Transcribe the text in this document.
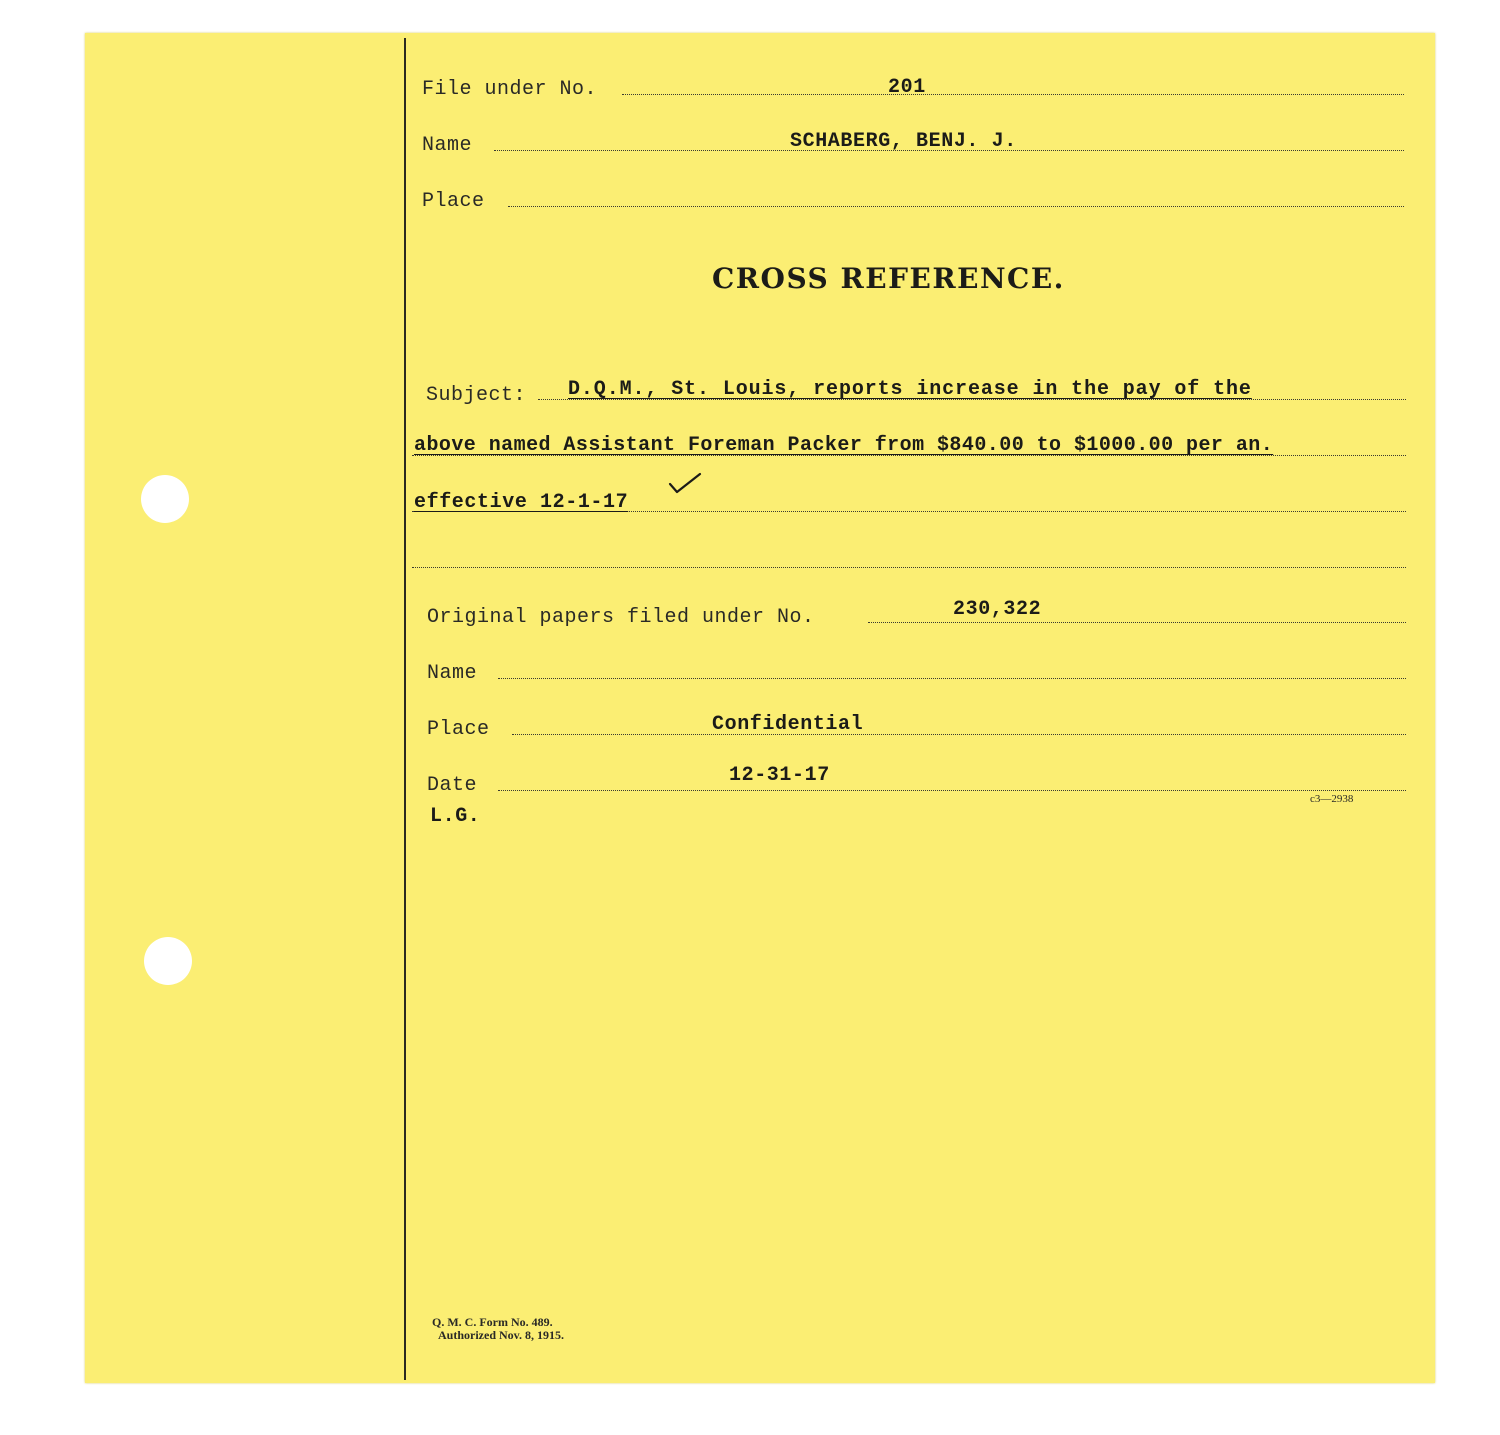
File under No.	201
Name	SCHABERG, BENJ. J.
Place
CROSS REFERENCE.
Subject: D.Q.M., St. Louis, reports increase in the pay of the
above named Assistant Foreman Packer from $840.00 to $1000.00 per an.
effective 12-1-17
Original papers filed under No.	230,322
Name
Place	Confidential
Date	12-31-17
L.G.
c3—2938
Q. M. C. Form No. 489.
Authorized Nov. 8, 1915.
